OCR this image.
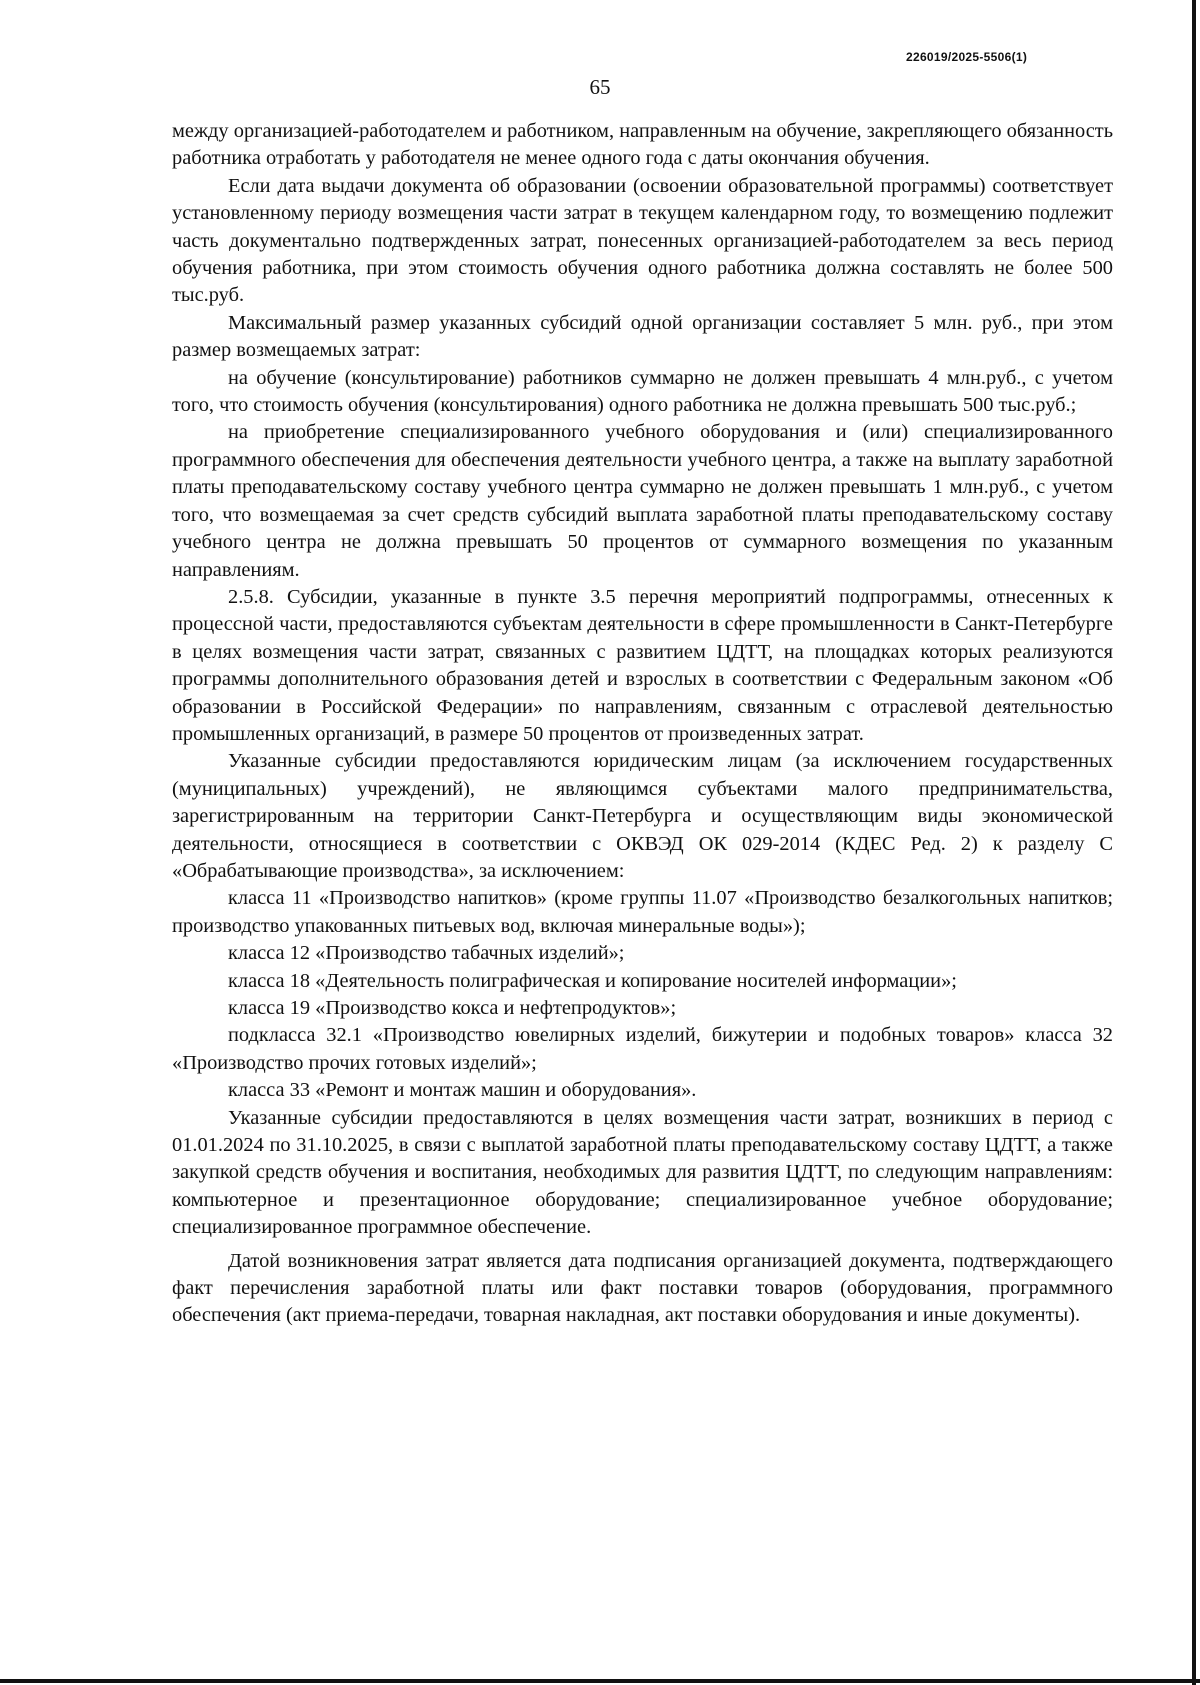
226019/2025-5506(1)
65

между организацией-работодателем и работником, направленным на обучение, закрепляющего обязанность работника отработать у работодателя не менее одного года с даты окончания обучения.

Если дата выдачи документа об образовании (освоении образовательной программы) соответствует установленному периоду возмещения части затрат в текущем календарном году, то возмещению подлежит часть документально подтвержденных затрат, понесенных организацией-работодателем за весь период обучения работника, при этом стоимость обучения одного работника должна составлять не более 500 тыс.руб.

Максимальный размер указанных субсидий одной организации составляет 5 млн. руб., при этом размер возмещаемых затрат:

на обучение (консультирование) работников суммарно не должен превышать 4 млн.руб., с учетом того, что стоимость обучения (консультирования) одного работника не должна превышать 500 тыс.руб.;

на приобретение специализированного учебного оборудования и (или) специализированного программного обеспечения для обеспечения деятельности учебного центра, а также на выплату заработной платы преподавательскому составу учебного центра суммарно не должен превышать 1 млн.руб., с учетом того, что возмещаемая за счет средств субсидий выплата заработной платы преподавательскому составу учебного центра не должна превышать 50 процентов от суммарного возмещения по указанным направлениям.

2.5.8. Субсидии, указанные в пункте 3.5 перечня мероприятий подпрограммы, отнесенных к процессной части, предоставляются субъектам деятельности в сфере промышленности в Санкт-Петербурге в целях возмещения части затрат, связанных с развитием ЦДТТ, на площадках которых реализуются программы дополнительного образования детей и взрослых в соответствии с Федеральным законом «Об образовании в Российской Федерации» по направлениям, связанным с отраслевой деятельностью промышленных организаций, в размере 50 процентов от произведенных затрат.

Указанные субсидии предоставляются юридическим лицам (за исключением государственных (муниципальных) учреждений), не являющимся субъектами малого предпринимательства, зарегистрированным на территории Санкт-Петербурга и осуществляющим виды экономической деятельности, относящиеся в соответствии с ОКВЭД ОК 029-2014 (КДЕС Ред. 2) к разделу С «Обрабатывающие производства», за исключением:

класса 11 «Производство напитков» (кроме группы 11.07 «Производство безалкогольных напитков; производство упакованных питьевых вод, включая минеральные воды»);

класса 12 «Производство табачных изделий»;

класса 18 «Деятельность полиграфическая и копирование носителей информации»;

класса 19 «Производство кокса и нефтепродуктов»;

подкласса 32.1 «Производство ювелирных изделий, бижутерии и подобных товаров» класса 32 «Производство прочих готовых изделий»;

класса 33 «Ремонт и монтаж машин и оборудования».

Указанные субсидии предоставляются в целях возмещения части затрат, возникших в период с 01.01.2024 по 31.10.2025, в связи с выплатой заработной платы преподавательскому составу ЦДТТ, а также закупкой средств обучения и воспитания, необходимых для развития ЦДТТ, по следующим направлениям: компьютерное и презентационное оборудование; специализированное учебное оборудование; специализированное программное обеспечение.

Датой возникновения затрат является дата подписания организацией документа, подтверждающего факт перечисления заработной платы или факт поставки товаров (оборудования, программного обеспечения (акт приема-передачи, товарная накладная, акт поставки оборудования и иные документы).
